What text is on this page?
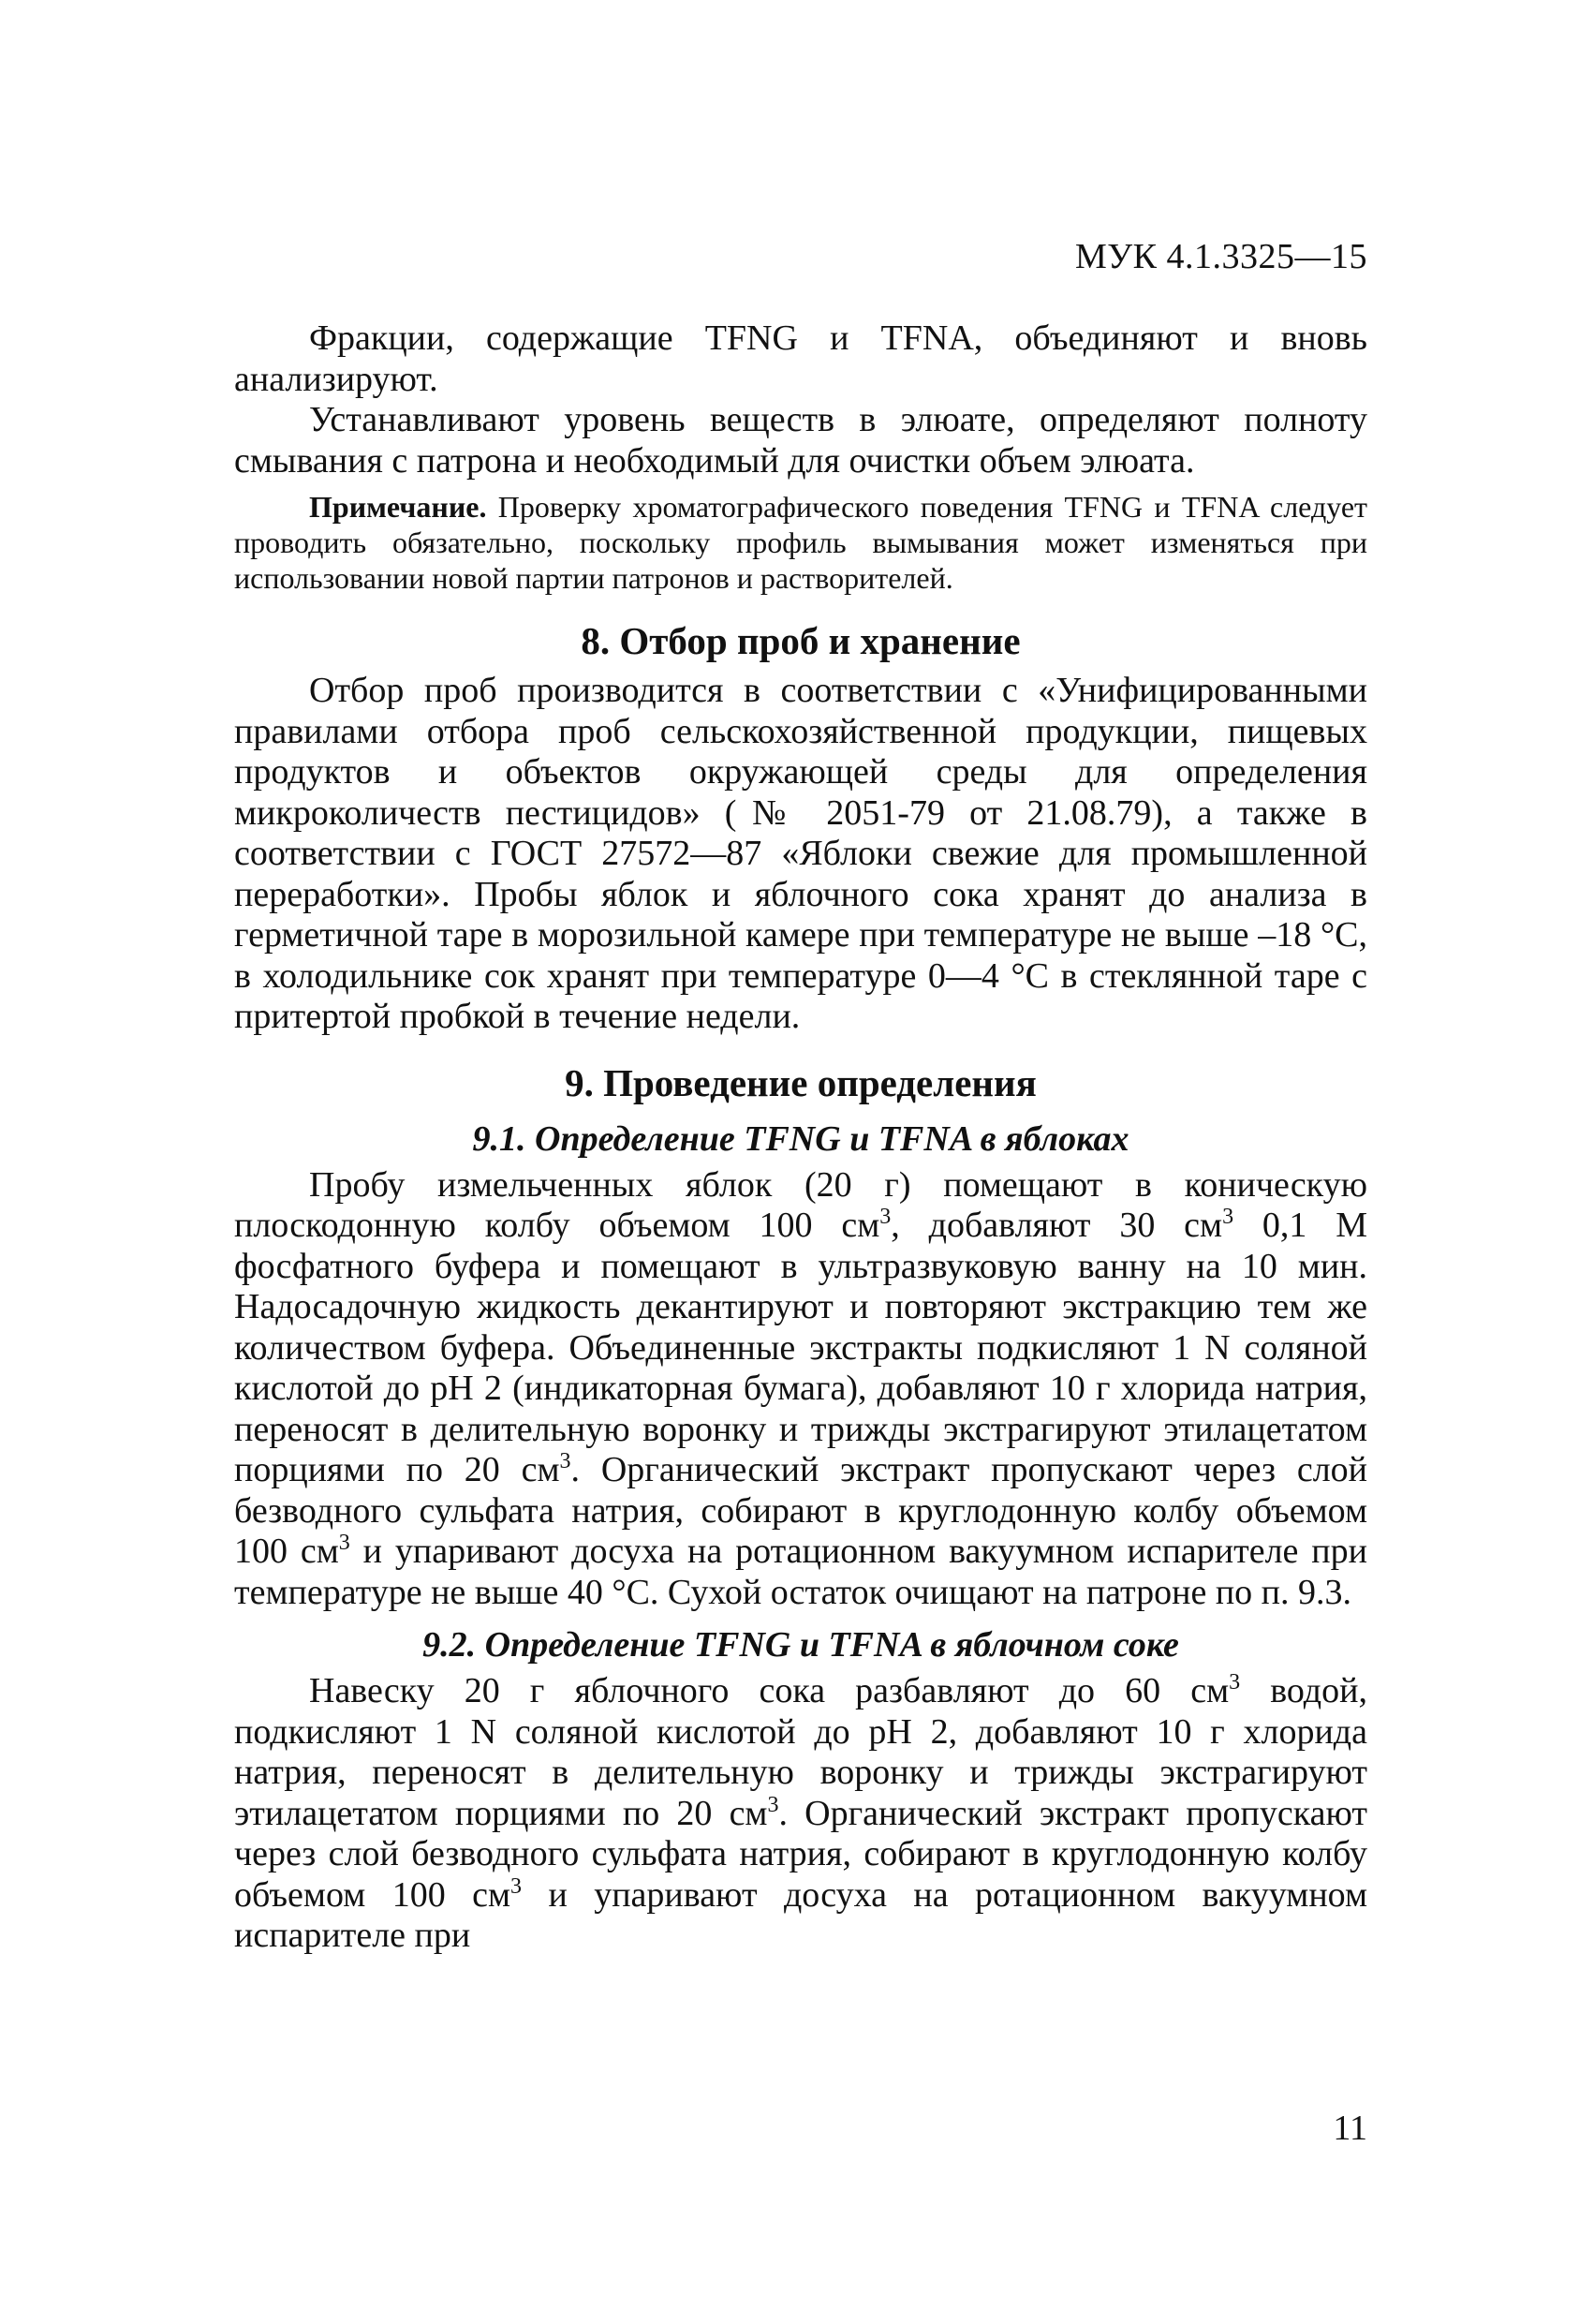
МУК 4.1.3325—15

Фракции, содержащие TFNG и TFNA, объединяют и вновь анализируют.

Устанавливают уровень веществ в элюате, определяют полноту смывания с патрона и необходимый для очистки объем элюата.

Примечание. Проверку хроматографического поведения TFNG и TFNA следует проводить обязательно, поскольку профиль вымывания может изменяться при использовании новой партии патронов и растворителей.

8. Отбор проб и хранение

Отбор проб производится в соответствии с «Унифицированными правилами отбора проб сельскохозяйственной продукции, пищевых продуктов и объектов окружающей среды для определения микроколичеств пестицидов» (№ 2051-79 от 21.08.79), а также в соответствии с ГОСТ 27572—87 «Яблоки свежие для промышленной переработки». Пробы яблок и яблочного сока хранят до анализа в герметичной таре в морозильной камере при температуре не выше –18 °С, в холодильнике сок хранят при температуре 0—4 °С в стеклянной таре с притертой пробкой в течение недели.

9. Проведение определения
9.1. Определение TFNG и TFNA в яблоках

Пробу измельченных яблок (20 г) помещают в коническую плоскодонную колбу объемом 100 $см^3$, добавляют 30 $см^3$ 0,1 М фосфатного буфера и помещают в ультразвуковую ванну на 10 мин. Надосадочную жидкость декантируют и повторяют экстракцию тем же количеством буфера. Объединенные экстракты подкисляют 1 N соляной кислотой до pH 2 (индикаторная бумага), добавляют 10 г хлорида натрия, переносят в делительную воронку и трижды экстрагируют этилацетатом порциями по 20 $см^3$. Органический экстракт пропускают через слой безводного сульфата натрия, собирают в круглодонную колбу объемом 100 $см^3$ и упаривают досуха на ротационном вакуумном испарителе при температуре не выше 40 °С. Сухой остаток очищают на патроне по п. 9.3.

9.2. Определение TFNG и TFNA в яблочном соке

Навеску 20 г яблочного сока разбавляют до 60 $см^3$ водой, подкисляют 1 N соляной кислотой до pH 2, добавляют 10 г хлорида натрия, переносят в делительную воронку и трижды экстрагируют этилацетатом порциями по 20 $см^3$. Органический экстракт пропускают через слой безводного сульфата натрия, собирают в круглодонную колбу объемом 100 $см^3$ и упаривают досуха на ротационном вакуумном испарителе при

11
